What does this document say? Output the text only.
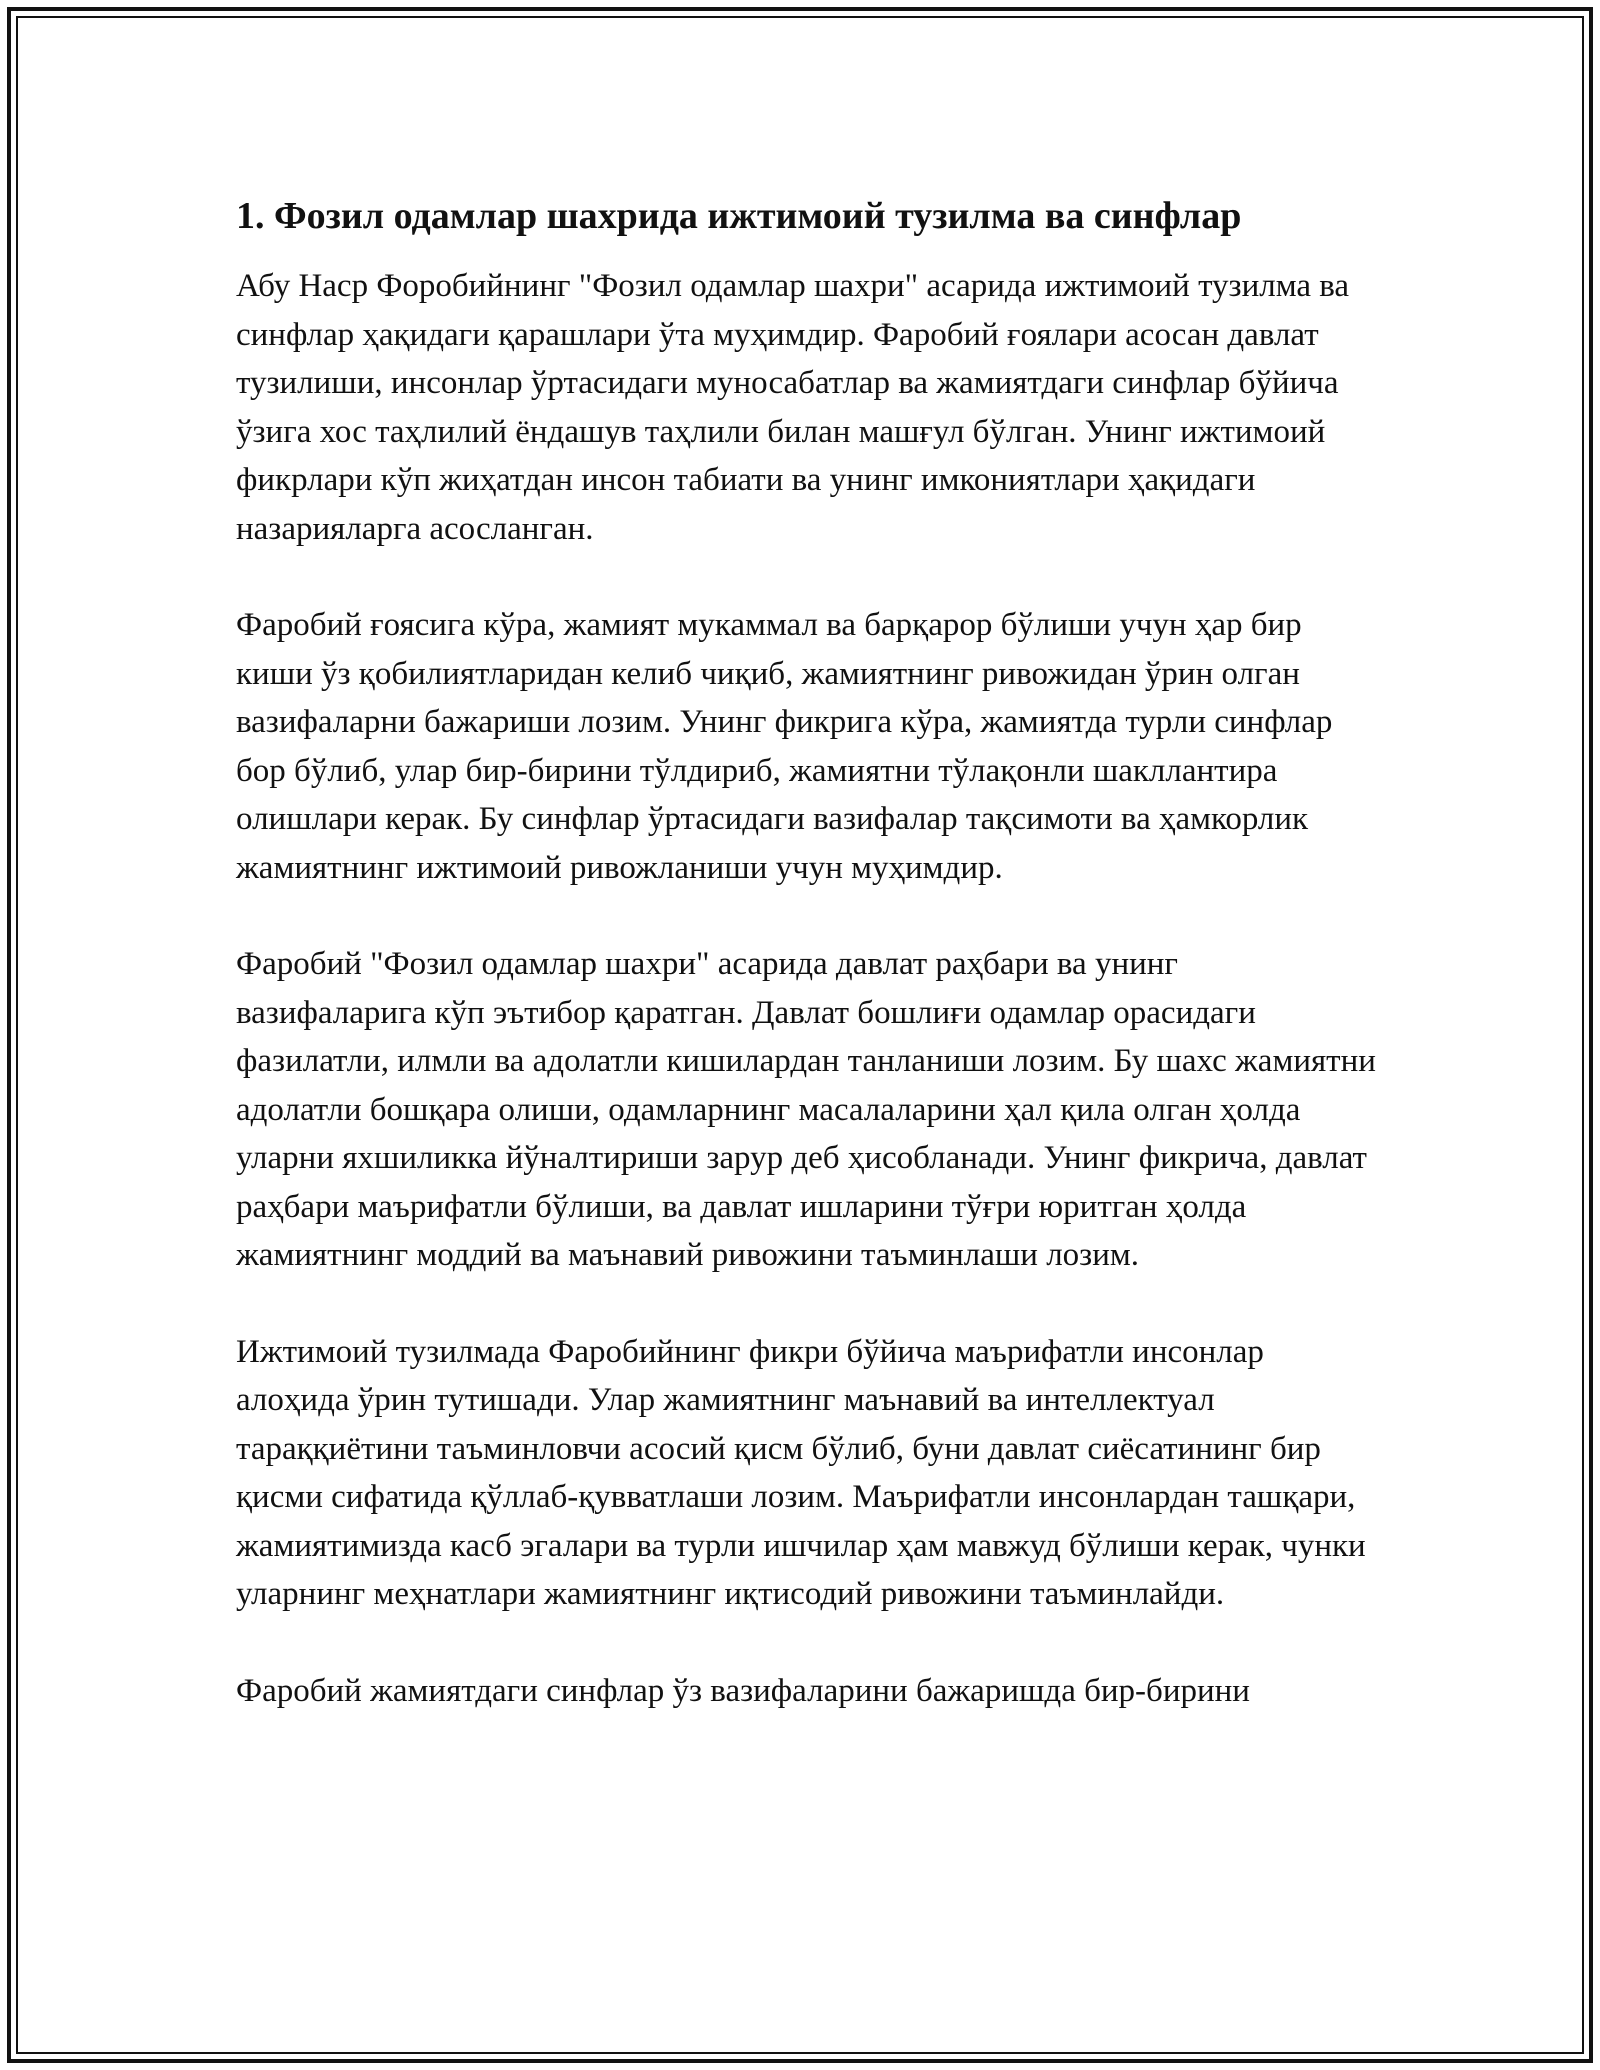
1. Фозил одамлар шахрида ижтимоий тузилма ва синфлар

Абу Наср Форобийнинг "Фозил одамлар шахри" асарида ижтимоий тузилма ва синфлар ҳақидаги қарашлари ўта муҳимдир. Фаробий ғоялари асосан давлат тузилиши, инсонлар ўртасидаги муносабатлар ва жамиятдаги синфлар бўйича ўзига хос таҳлилий ёндашув таҳлили билан машғул бўлган. Унинг ижтимоий фикрлари кўп жиҳатдан инсон табиати ва унинг имкониятлари ҳақидаги назарияларга асосланган.

Фаробий ғоясига кўра, жамият мукаммал ва барқарор бўлиши учун ҳар бир киши ўз қобилиятларидан келиб чиқиб, жамиятнинг ривожидан ўрин олган вазифаларни бажариши лозим. Унинг фикрига кўра, жамиятда турли синфлар бор бўлиб, улар бир-бирини тўлдириб, жамиятни тўлақонли шакллантира олишлари керак. Бу синфлар ўртасидаги вазифалар тақсимоти ва ҳамкорлик жамиятнинг ижтимоий ривожланиши учун муҳимдир.

Фаробий "Фозил одамлар шахри" асарида давлат раҳбари ва унинг вазифаларига кўп эътибор қаратган. Давлат бошлиғи одамлар орасидаги фазилатли, илмли ва адолатли кишилардан танланиши лозим. Бу шахс жамиятни адолатли бошқара олиши, одамларнинг масалаларини ҳал қила олган ҳолда уларни яхшиликка йўналтириши зарур деб ҳисобланади. Унинг фикрича, давлат раҳбари маърифатли бўлиши, ва давлат ишларини тўғри юритган ҳолда жамиятнинг моддий ва маънавий ривожини таъминлаши лозим.

Ижтимоий тузилмада Фаробийнинг фикри бўйича маърифатли инсонлар алоҳида ўрин тутишади. Улар жамиятнинг маънавий ва интеллектуал тараққиётини таъминловчи асосий қисм бўлиб, буни давлат сиёсатининг бир қисми сифатида қўллаб-қувватлаши лозим. Маърифатли инсонлардан ташқари, жамиятимизда касб эгалари ва турли ишчилар ҳам мавжуд бўлиши керак, чунки уларнинг меҳнатлари жамиятнинг иқтисодий ривожини таъминлайди.

Фаробий жамиятдаги синфлар ўз вазифаларини бажаришда бир-бирини
